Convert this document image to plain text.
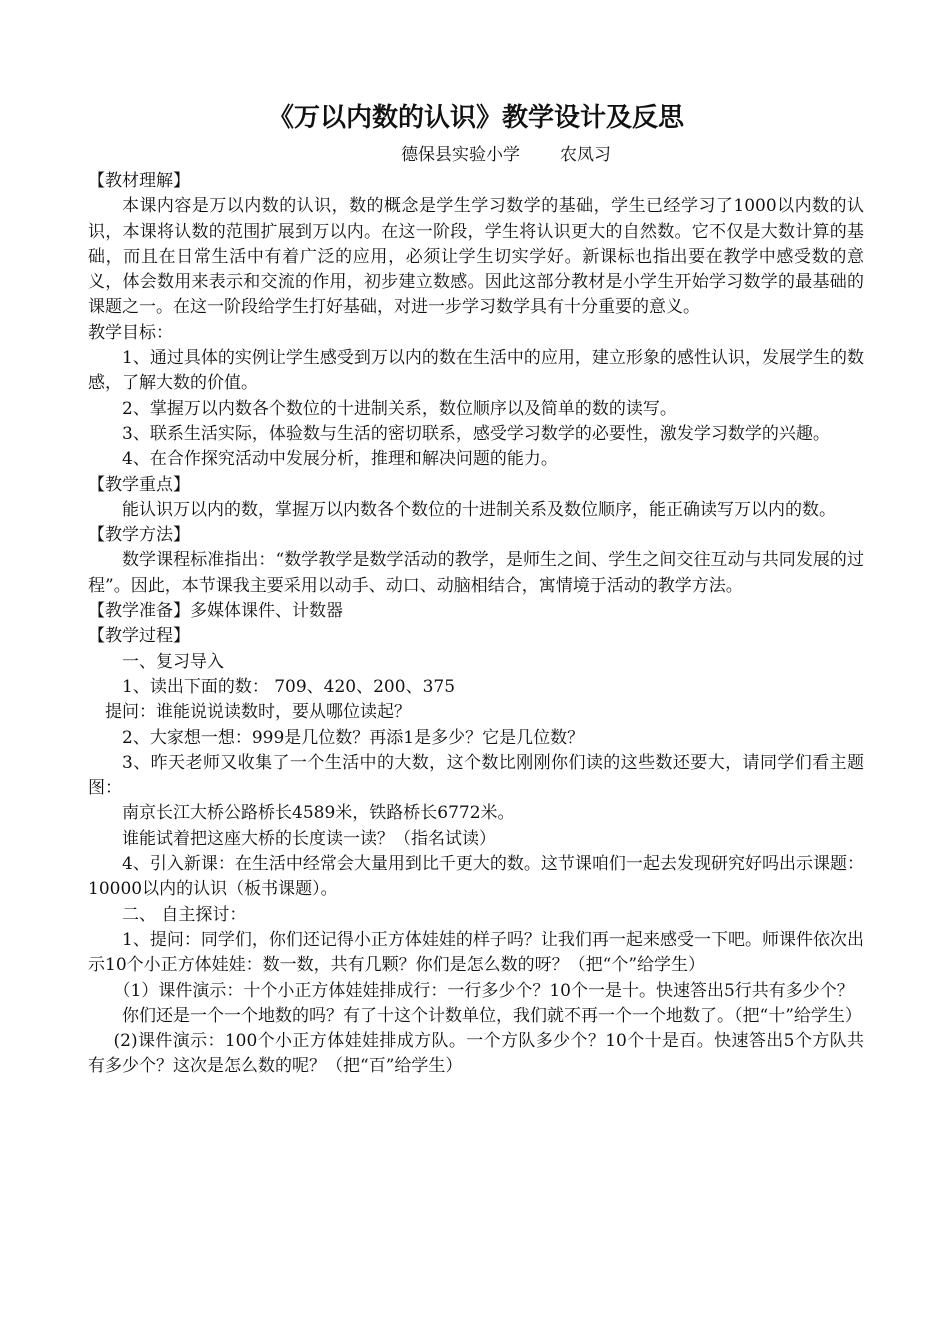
《万以内数的认识》教学设计及反思
德保县实验小学 农凤习

【教材理解】

本课内容是万以内数的认识，数的概念是学生学习数学的基础，学生已经学习了1000以内数的认识，本课将认数的范围扩展到万以内。在这一阶段，学生将认识更大的自然数。它不仅是大数计算的基础，而且在日常生活中有着广泛的应用，必须让学生切实学好。新课标也指出要在教学中感受数的意义，体会数用来表示和交流的作用，初步建立数感。因此这部分教材是小学生开始学习数学的最基础的课题之一。在这一阶段给学生打好基础，对进一步学习数学具有十分重要的意义。

教学目标：

1、通过具体的实例让学生感受到万以内的数在生活中的应用，建立形象的感性认识，发展学生的数感，了解大数的价值。

2、掌握万以内数各个数位的十进制关系，数位顺序以及简单的数的读写。

3、联系生活实际，体验数与生活的密切联系，感受学习数学的必要性，激发学习数学的兴趣。

4、在合作探究活动中发展分析，推理和解决问题的能力。

【教学重点】

能认识万以内的数，掌握万以内数各个数位的十进制关系及数位顺序，能正确读写万以内的数。

【教学方法】

数学课程标准指出：“数学教学是数学活动的教学，是师生之间、学生之间交往互动与共同发展的过程”。因此，本节课我主要采用以动手、动口、动脑相结合，寓情境于活动的教学方法。

【教学准备】多媒体课件、计数器

【教学过程】

一、复习导入

1、读出下面的数： 709、420、200、375

提问：谁能说说读数时，要从哪位读起？

2、大家想一想：999是几位数？再添1是多少？它是几位数？

3、昨天老师又收集了一个生活中的大数，这个数比刚刚你们读的这些数还要大，请同学们看主题图：

南京长江大桥公路桥长4589米，铁路桥长6772米。

谁能试着把这座大桥的长度读一读？（指名试读）

4、引入新课：在生活中经常会大量用到比千更大的数。这节课咱们一起去发现研究好吗出示课题：10000以内的认识（板书课题）。

二、 自主探讨：

1、提问：同学们，你们还记得小正方体娃娃的样子吗？让我们再一起来感受一下吧。师课件依次出示10个小正方体娃娃：数一数，共有几颗？你们是怎么数的呀？（把“个”给学生）

（1）课件演示：十个小正方体娃娃排成行：一行多少个？10个一是十。快速答出5行共有多少个？

你们还是一个一个地数的吗？有了十这个计数单位，我们就不再一个一个地数了。（把“十”给学生）

(2)课件演示：100个小正方体娃娃排成方队。一个方队多少个？10个十是百。快速答出5个方队共有多少个？这次是怎么数的呢？（把“百”给学生）
